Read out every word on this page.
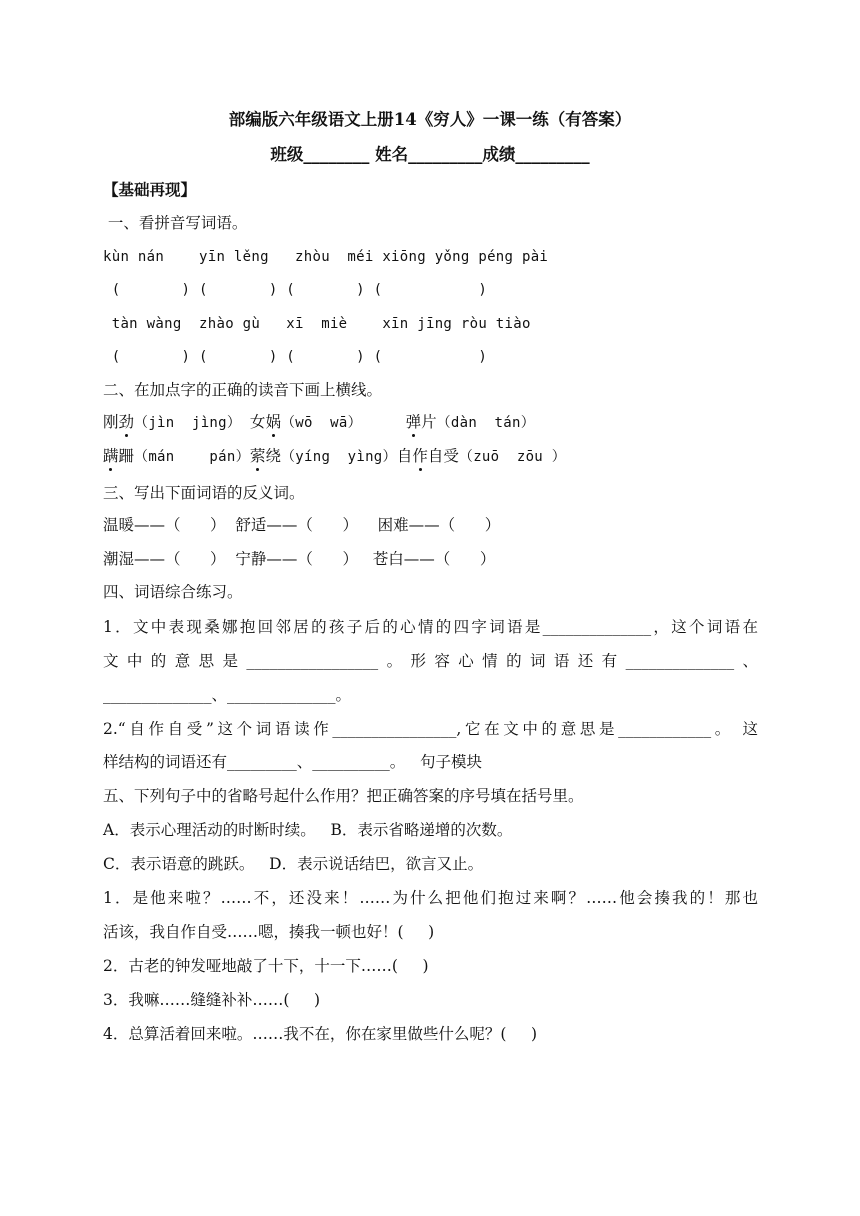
部编版六年级语文上册14《穷人》一课一练（有答案）
班级________ 姓名_________成绩_________
【基础再现】
一、看拼音写词语。
kùn nán    yīn lěng   zhòu  méi xiōng yǒng péng pài
(       ) (       ) (       ) (           )
tàn wàng  zhào gù   xī  miè    xīn jīng ròu tiào
(       ) (       ) (       ) (           )
二、在加点字的正确的读音下画上横线。
刚劲（jìn  jìng） 女娲（wō  wā）     弹片（dàn  tán）
蹒跚（mán    pán）萦绕（yíng  yìng）自作自受（zuō  zōu ）
三、写出下面词语的反义词。
温暖——（      ）  舒适——（      ）    困难——（      ）
潮湿——（      ）  宁静——（      ）   苍白——（      ）
四、词语综合练习。
1．文中表现桑娜抱回邻居的孩子后的心情的四字词语是______________，这个词语在
文中的意思是_________________。形容心情的词语还有______________、
______________、______________。
2.“自作自受”这个词语读作________________,它在文中的意思是____________。 这
样结构的词语还有_________、__________。   句子模块
五、下列句子中的省略号起什么作用？把正确答案的序号填在括号里。
A．表示心理活动的时断时续。   B．表示省略递增的次数。
C．表示语意的跳跃。   D．表示说话结巴，欲言又止。
1．是他来啦？……不，还没来！……为什么把他们抱过来啊？……他会揍我的！那也
活该，我自作自受……嗯，揍我一顿也好！(     )
2．古老的钟发哑地敲了十下，十一下……(     )
3．我嘛……缝缝补补……(     )
4．总算活着回来啦。……我不在，你在家里做些什么呢？(     )
